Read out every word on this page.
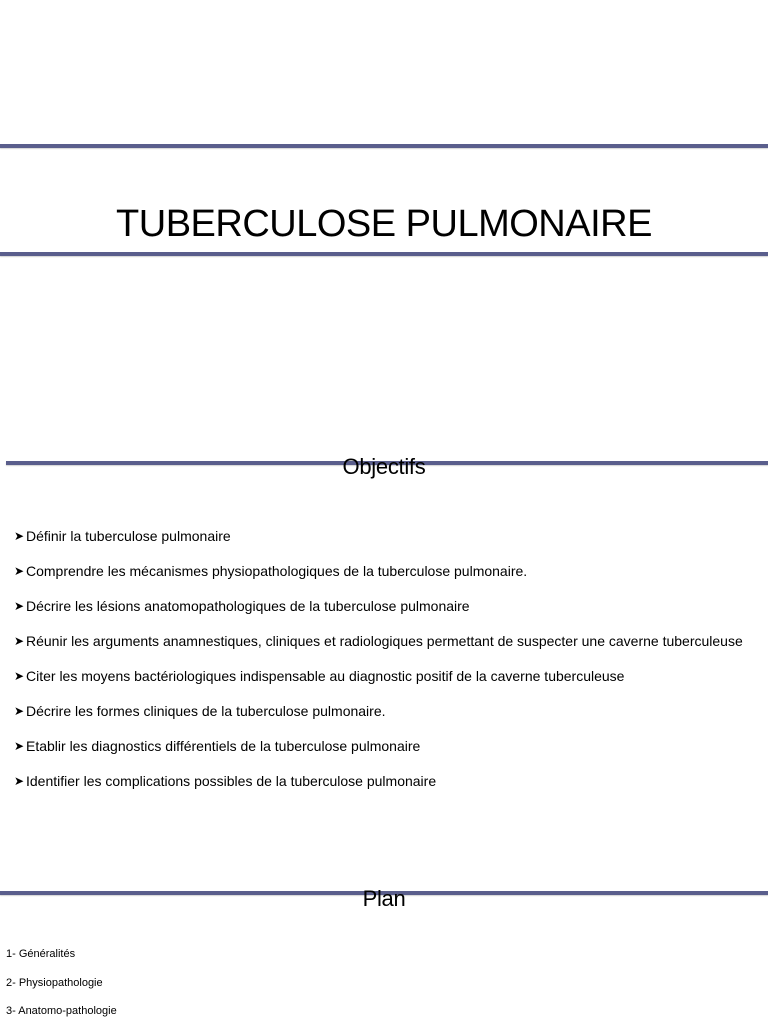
TUBERCULOSE PULMONAIRE
Objectifs
➤ Définir la tuberculose pulmonaire
➤ Comprendre les mécanismes physiopathologiques de la tuberculose pulmonaire.
➤ Décrire les lésions anatomopathologiques de la tuberculose pulmonaire
➤ Réunir les arguments anamnestiques, cliniques et radiologiques permettant de suspecter une caverne tuberculeuse
➤ Citer les moyens bactériologiques indispensable au diagnostic positif de la caverne tuberculeuse
➤ Décrire les formes cliniques de la tuberculose pulmonaire.
➤ Etablir les diagnostics différentiels de la tuberculose pulmonaire
➤ Identifier les complications possibles de la tuberculose pulmonaire
Plan
1- Généralités
2- Physiopathologie
3- Anatomo-pathologie
